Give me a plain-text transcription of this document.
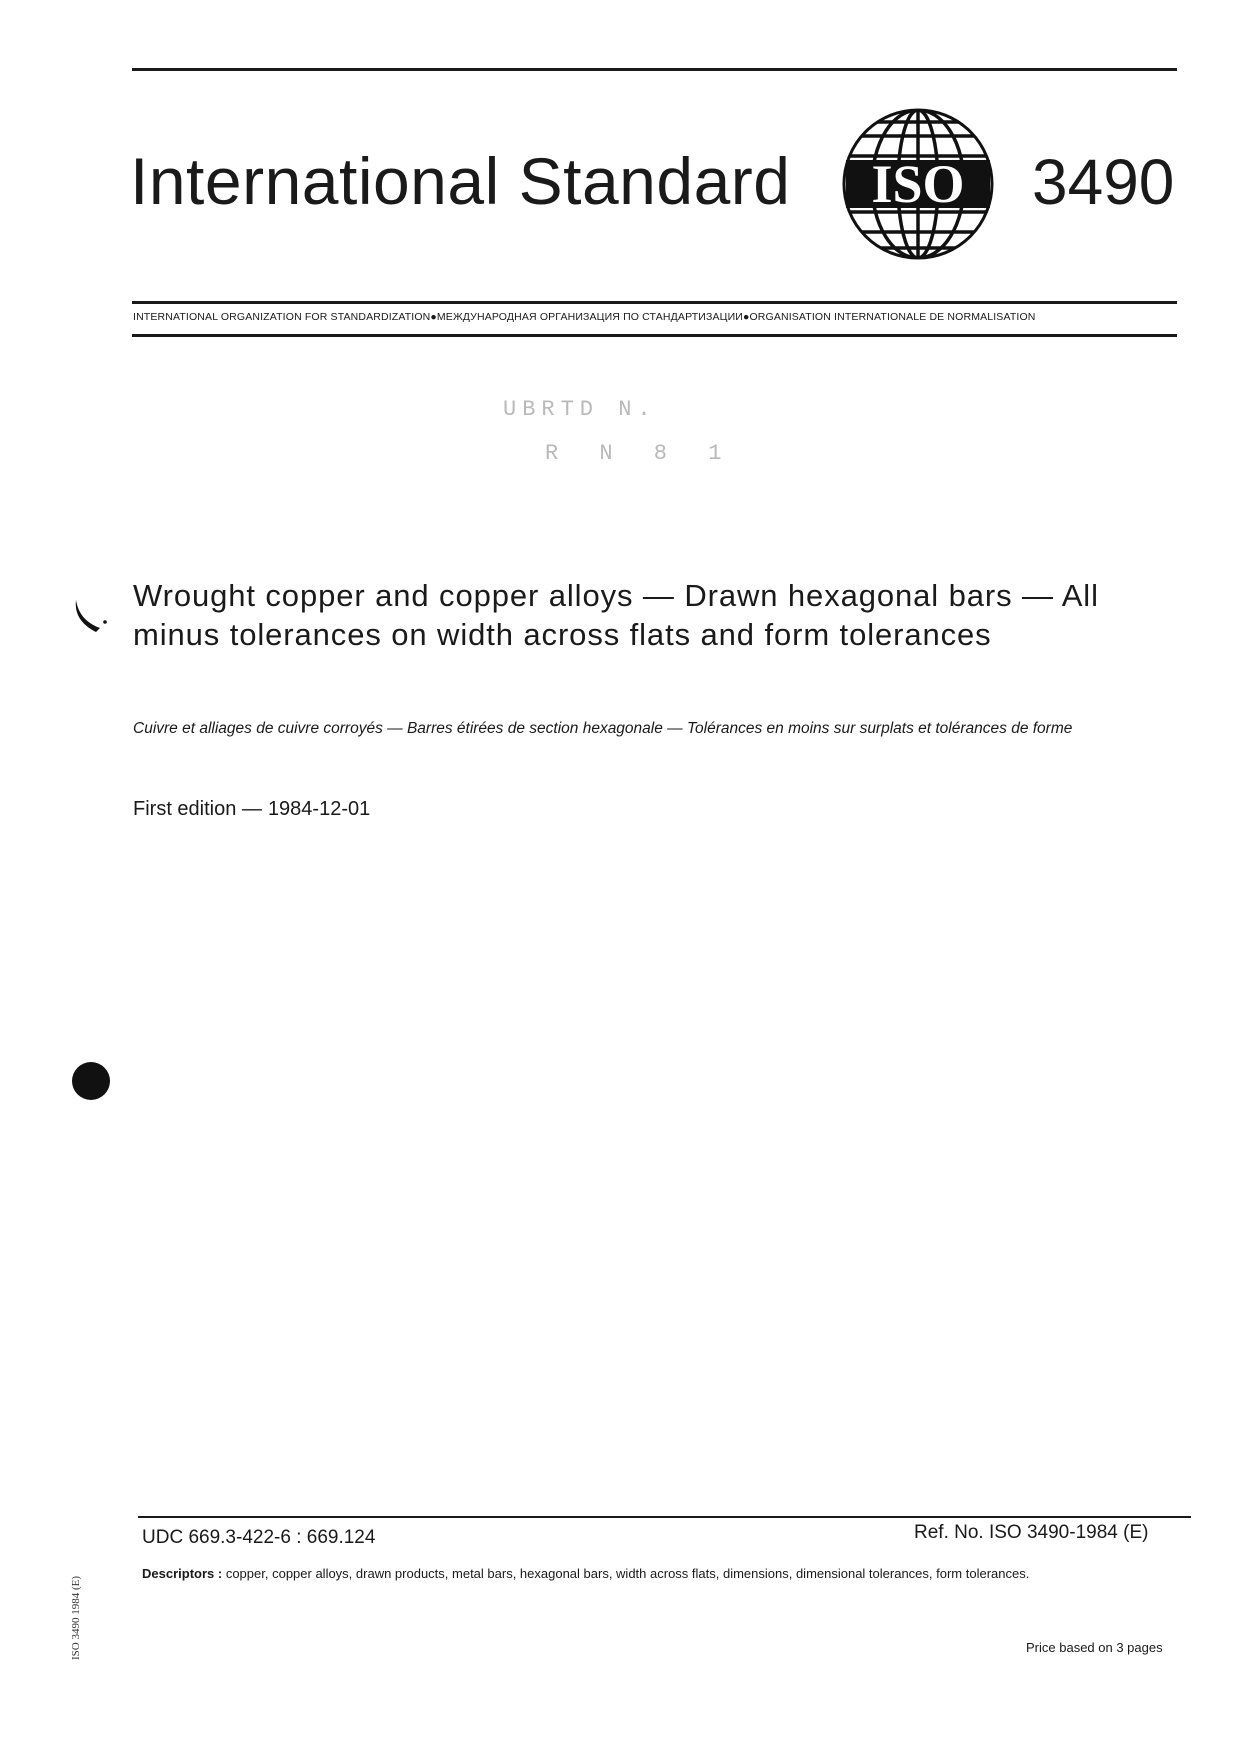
International Standard ISO 3490
INTERNATIONAL ORGANIZATION FOR STANDARDIZATION●МЕЖДУНАРОДНАЯ ОРГАНИЗАЦИЯ ПО СТАНДАРТИЗАЦИИ●ORGANISATION INTERNATIONALE DE NORMALISATION
UBRTD N.
R N 8 1
Wrought copper and copper alloys — Drawn hexagonal bars — All minus tolerances on width across flats and form tolerances
Cuivre et alliages de cuivre corroyés — Barres étirées de section hexagonale — Tolérances en moins sur surplats et tolérances de forme
First edition — 1984-12-01
UDC 669.3-422-6 : 669.124	Ref. No. ISO 3490-1984 (E)
Descriptors : copper, copper alloys, drawn products, metal bars, hexagonal bars, width across flats, dimensions, dimensional tolerances, form tolerances.
Price based on 3 pages
ISO 3490 1984 (E)
